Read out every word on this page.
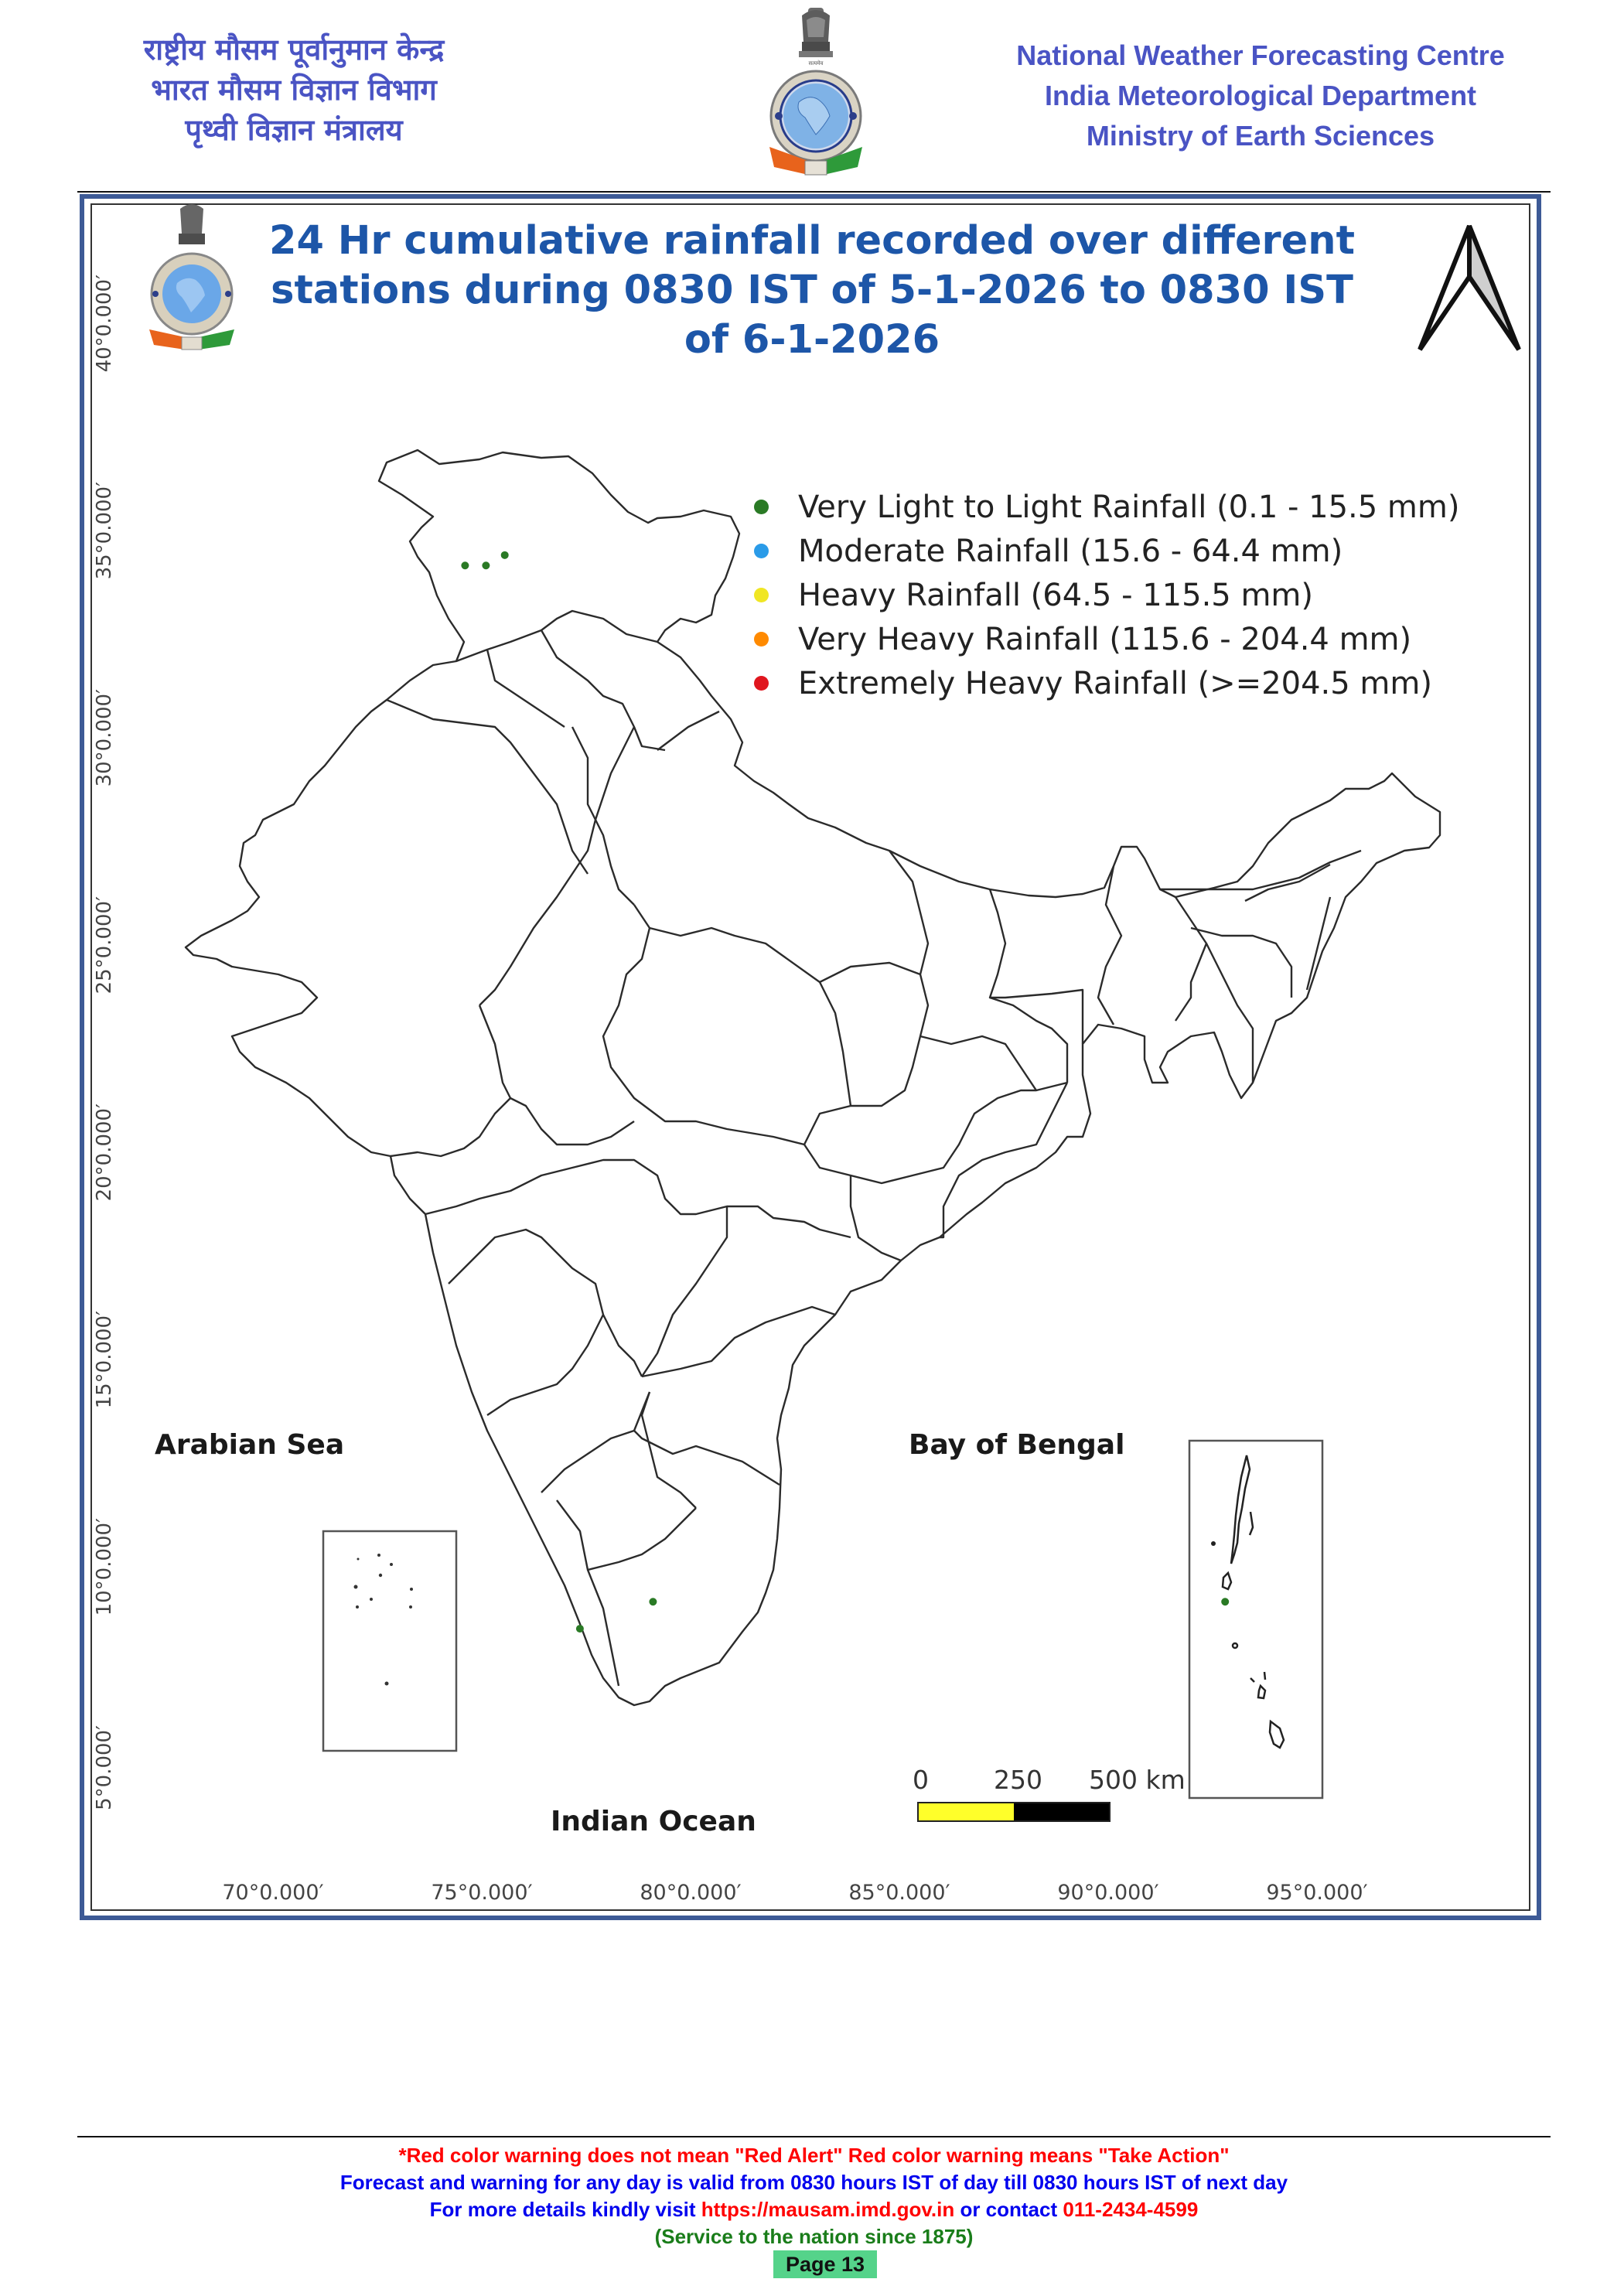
राष्ट्रीय मौसम पूर्वानुमान केन्द्र
भारत मौसम विज्ञान विभाग
पृथ्वी विज्ञान मंत्रालय
सत्यमेव	National Weather Forecasting Centre
India Meteorological Department
Ministry of Earth Sciences
24 Hr cumulative rainfall recorded over different
stations during 0830 IST of 5-1-2026 to 0830 IST
of 6-1-2026
Very Light to Light Rainfall (0.1 - 15.5 mm)
Moderate Rainfall (15.6 - 64.4 mm)
Heavy Rainfall (64.5 - 115.5 mm)
Very Heavy Rainfall (115.6 - 204.4 mm)
Extremely Heavy Rainfall (>=204.5 mm)
40°0.000′
35°0.000′
30°0.000′
25°0.000′
20°0.000′
15°0.000′
10°0.000′
5°0.000′
70°0.000′	75°0.000′	80°0.000′	85°0.000′	90°0.000′	95°0.000′
Arabian Sea	Bay of Bengal
Indian Ocean
0	250 500 km
*Red color warning does not mean "Red Alert" Red color warning means "Take Action"
Forecast and warning for any day is valid from 0830 hours IST of day till 0830 hours IST of next day
For more details kindly visit https://mausam.imd.gov.in or contact 011-2434-4599
(Service to the nation since 1875)
Page 13
